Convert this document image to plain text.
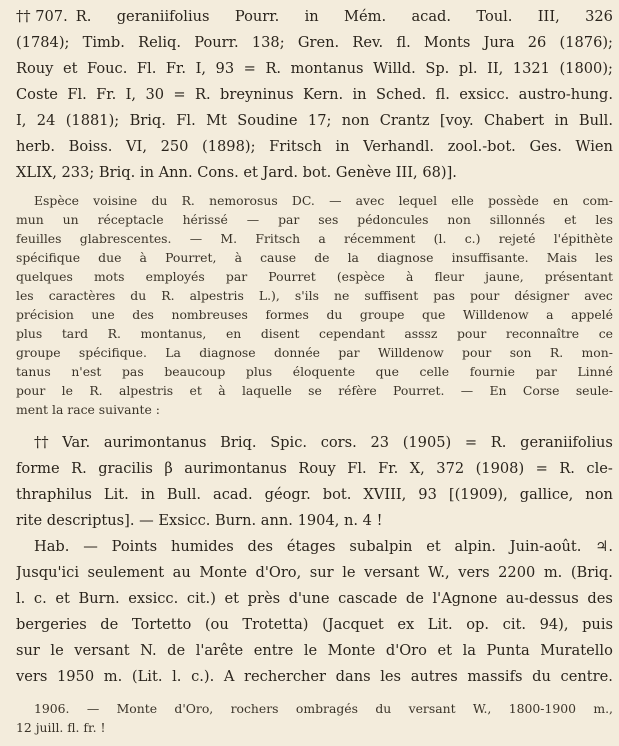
†† 707. R. geraniifolius Pourr. in Mém. acad. Toul. III, 326
(1784); Timb. Reliq. Pourr. 138; Gren. Rev. fl. Monts Jura 26 (1876);
Rouy et Fouc. Fl. Fr. I, 93 = R. montanus Willd. Sp. pl. II, 1321 (1800);
Coste Fl. Fr. I, 30 = R. breyninus Kern. in Sched. fl. exsicc. austro-hung.
I, 24 (1881); Briq. Fl. Mt Soudine 17; non Crantz [voy. Chabert in Bull.
herb. Boiss. VI, 250 (1898); Fritsch in Verhandl. zool.-bot. Ges. Wien
XLIX, 233; Briq. in Ann. Cons. et Jard. bot. Genève III, 68)].
Espèce voisine du R. nemorosus DC. — avec lequel elle possède en com-
mun un réceptacle hérissé — par ses pédoncules non sillonnés et les
feuilles glabrescentes. — M. Fritsch a récemment (l. c.) rejeté l'épithète
spécifique due à Pourret, à cause de la diagnose insuffisante. Mais les
quelques mots employés par Pourret (espèce à fleur jaune, présentant
les caractères du R. alpestris L.), s'ils ne suffisent pas pour désigner avec
précision une des nombreuses formes du groupe que Willdenow a appelé
plus tard R. montanus, en disent cependant asssz pour reconnaître ce
groupe spécifique. La diagnose donnée par Willdenow pour son R. mon-
tanus n'est pas beaucoup plus éloquente que celle fournie par Linné
pour le R. alpestris et à laquelle se réfère Pourret. — En Corse seule-
ment la race suivante :
†† Var. aurimontanus Briq. Spic. cors. 23 (1905) = R. geraniifolius
forme R. gracilis β aurimontanus Rouy Fl. Fr. X, 372 (1908) = R. cle-
thraphilus Lit. in Bull. acad. géogr. bot. XVIII, 93 [(1909), gallice, non
rite descriptus]. — Exsicc. Burn. ann. 1904, n. 4 !
Hab. — Points humides des étages subalpin et alpin. Juin-août. ♃.
Jusqu'ici seulement au Monte d'Oro, sur le versant W., vers 2200 m. (Briq.
l. c. et Burn. exsicc. cit.) et près d'une cascade de l'Agnone au-dessus des
bergeries de Tortetto (ou Trotetta) (Jacquet ex Lit. op. cit. 94), puis
sur le versant N. de l'arête entre le Monte d'Oro et la Punta Muratello
vers 1950 m. (Lit. l. c.). A rechercher dans les autres massifs du centre.
1906. — Monte d'Oro, rochers ombragés du versant W., 1800-1900 m.,
12 juill. fl. fr. !
